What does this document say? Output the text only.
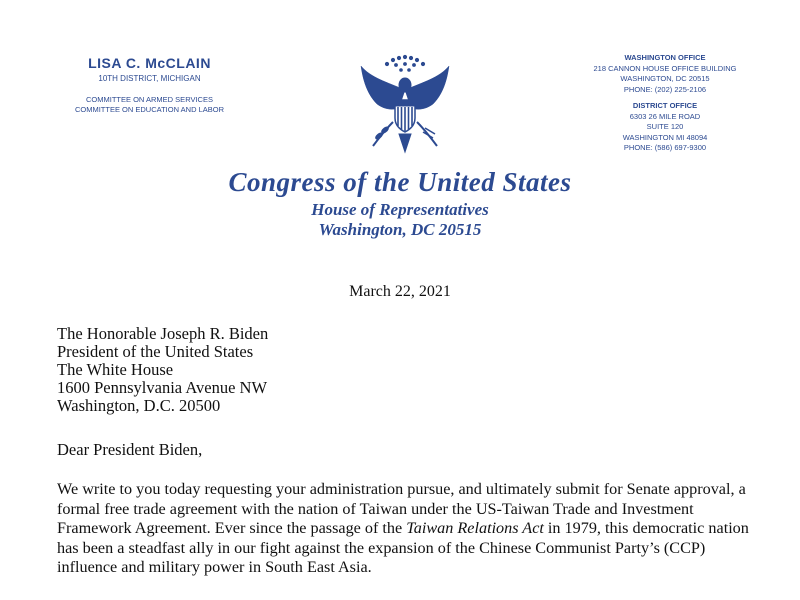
LISA C. McCLAIN
10TH DISTRICT, MICHIGAN
COMMITTEE ON ARMED SERVICES
COMMITTEE ON EDUCATION AND LABOR
WASHINGTON OFFICE
218 CANNON HOUSE OFFICE BUILDING
WASHINGTON, DC 20515
PHONE: (202) 225-2106
DISTRICT OFFICE
6303 26 MILE ROAD
SUITE 120
WASHINGTON MI 48094
PHONE: (586) 697-9300
Congress of the United States
House of Representatives
Washington, DC 20515
March 22, 2021
The Honorable Joseph R. Biden
President of the United States
The White House
1600 Pennsylvania Avenue NW
Washington, D.C. 20500
Dear President Biden,
We write to you today requesting your administration pursue, and ultimately submit for Senate approval, a formal free trade agreement with the nation of Taiwan under the US-Taiwan Trade and Investment Framework Agreement. Ever since the passage of the Taiwan Relations Act in 1979, this democratic nation has been a steadfast ally in our fight against the expansion of the Chinese Communist Party’s (CCP) influence and military power in South East Asia.
